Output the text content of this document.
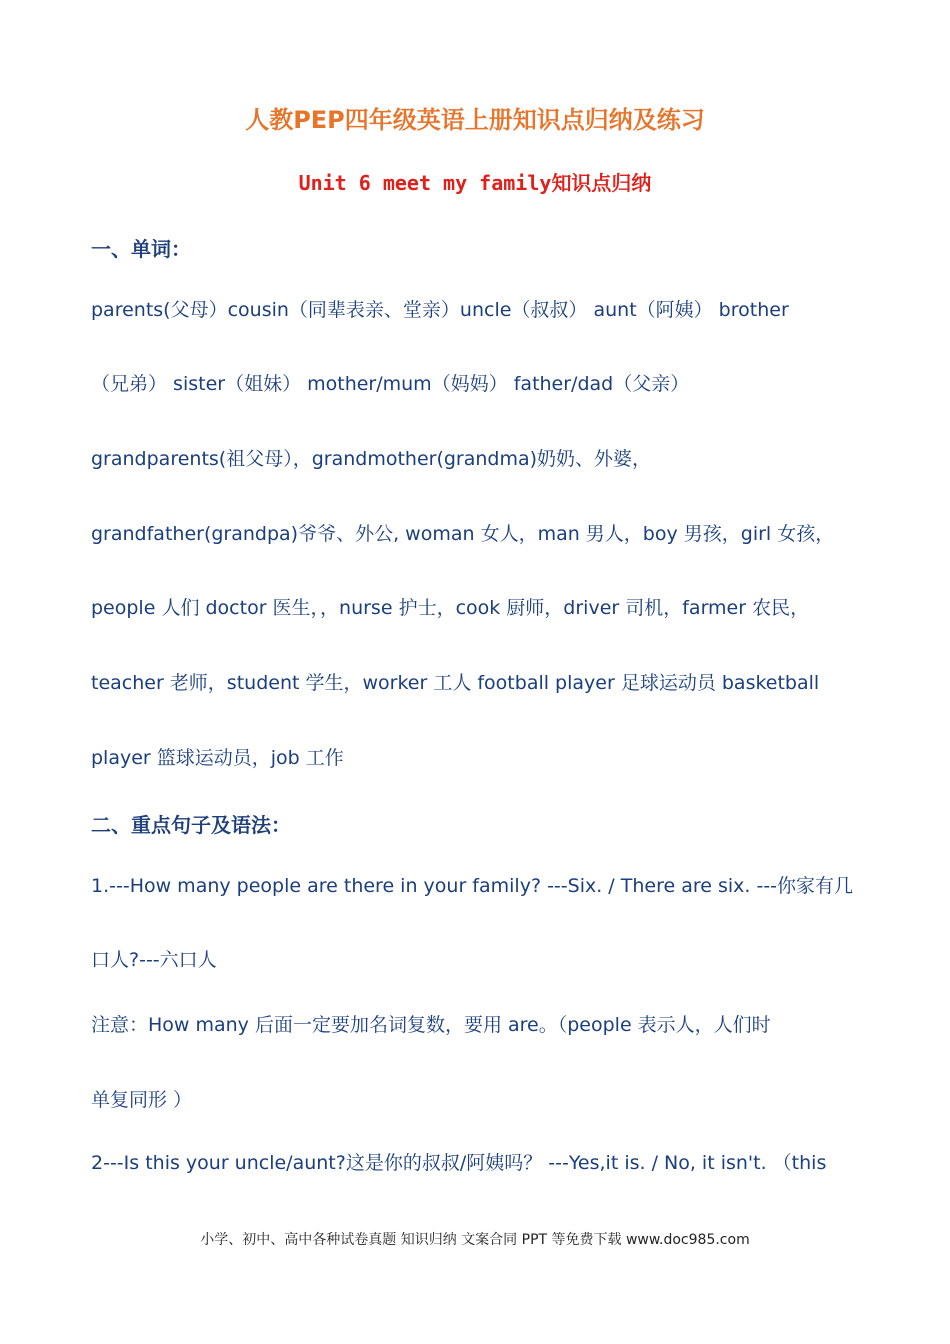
人教PEP四年级英语上册知识点归纳及练习
Unit 6 meet my family知识点归纳
一、单词：
parents(父母）cousin（同辈表亲、堂亲）uncle（叔叔） aunt（阿姨） brother
（兄弟） sister（姐妹） mother/mum（妈妈） father/dad（父亲）
grandparents(祖父母），grandmother(grandma)奶奶、外婆，
grandfather(grandpa)爷爷、外公, woman 女人，man 男人，boy 男孩，girl 女孩，
people 人们 doctor 医生，，nurse 护士，cook 厨师，driver 司机，farmer 农民，
teacher 老师，student 学生，worker 工人 football player 足球运动员 basketball
player 篮球运动员，job 工作
二、重点句子及语法：
1.---How many people are there in your family? ---Six. / There are six. ---你家有几
口人?---六口人
注意：How many 后面一定要加名词复数，要用 are。（people 表示人，人们时
单复同形 ）
2---Is this your uncle/aunt?这是你的叔叔/阿姨吗？ ---Yes,it is. / No, it isn't. （this
小学、初中、高中各种试卷真题 知识归纳 文案合同 PPT 等免费下载 www.doc985.com
